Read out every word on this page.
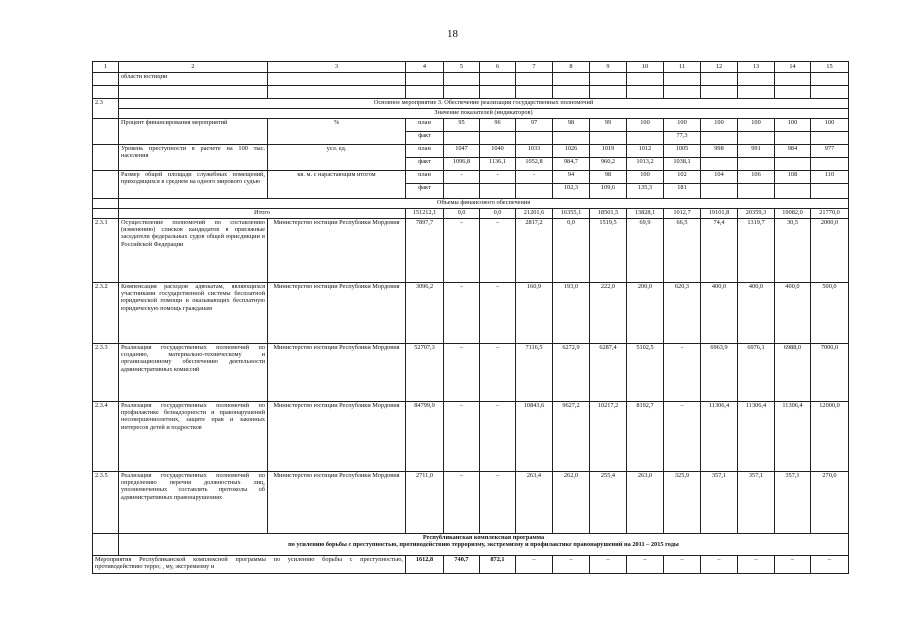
18
1	2	3	4	5	6	7	8	9	10	11	12	13	14	15
	области юстиции													

2.3	Основное мероприятие 3. Обеспечение реализации государственных полномочий													
	Значение показателей (индикаторов)													
	Процент финансирования мероприятий	%	план	95	96	97	98	99	100	100	100	100	100	100
			факт							77,3				
	Уровень преступности в расчете на 100 тыс. населения	усл. ед.	план	1047	1040	1033	1026	1019	1012	1005	998	991	984	977
			факт	1096,8	1136,1	1052,8	984,7	960,2	1013,2	1038,1				
	Размер общей площади служебных помещений, приходящихся в среднем на одного мирового судью	кв. м. с нарастающим итогом	план	-	-	-	94	98	100	102	104	106	108	110
			факт				102,3	109,6	135,3	181				
	Объемы финансового обеспечения													
	Итого		151212,1	0,0	0,0	21201,6	16355,1	18501,5	13828,1	1012,7	19101,8	20359,3	19082,0	21770,0
2.3.1	Осуществление полномочий по составлению (изменению) списков кандидатов в присяжные заседатели федеральных судов общей юрисдикции в Российской Федерации	Министерство юстиции Республики Мордовия	7897,7	–	–	2817,2	0,0	1519,5	69,9	66,5	74,4	1319,7	30,5	2000,0
2.3.2	Компенсация расходов адвокатам, являющихся участниками государственной системы бесплатной юридической помощи и оказывающих бесплатную юридическую помощь гражданам	Министерство юстиции Республики Мордовия	3096,2	–	–	160,9	193,0	222,0	200,0	620,3	400,0	400,0	400,0	500,0
2.3.3	Реализация государственных полномочий по созданию, материально-техническому и организационному обеспечению деятельности административных комиссий	Министерство юстиции Республики Мордовия	52707,3	–	–	7116,5	6272,9	6287,4	5102,5	-	6963,9	6976,1	6988,0	7000,0
2.3.4	Реализация государственных полномочий по профилактике безнадзорности и правонарушений несовершеннолетних, защите прав и законных интересов детей и подростков	Министерство юстиции Республики Мордовия	84799,9	–	–	10843,6	9627,2	10217,2	8192,7	–	11306,4	11306,4	11306,4	12000,0
2.3.5	Реализация государственных полномочий по определению перечня должностных лиц, уполномоченных составлять протоколы об административных правонарушениях	Министерство юстиции Республики Мордовия	2711,0	–	–	263,4	262,0	255,4	263,0	325,9	357,1	357,1	357,1	270,0

	Республиканская комплексная программа
по усилению борьбы с преступностью, противодействию терроризму, экстремизму и профилактике правонарушений на 2011 – 2015 годы													

Мероприятия Республиканской комплексной программы по усилению борьбы с преступностью, противодействию терро; , му, экстремизму и			1612,8	740,7	872,1	–	–	–	–	–	–	–	–	–
